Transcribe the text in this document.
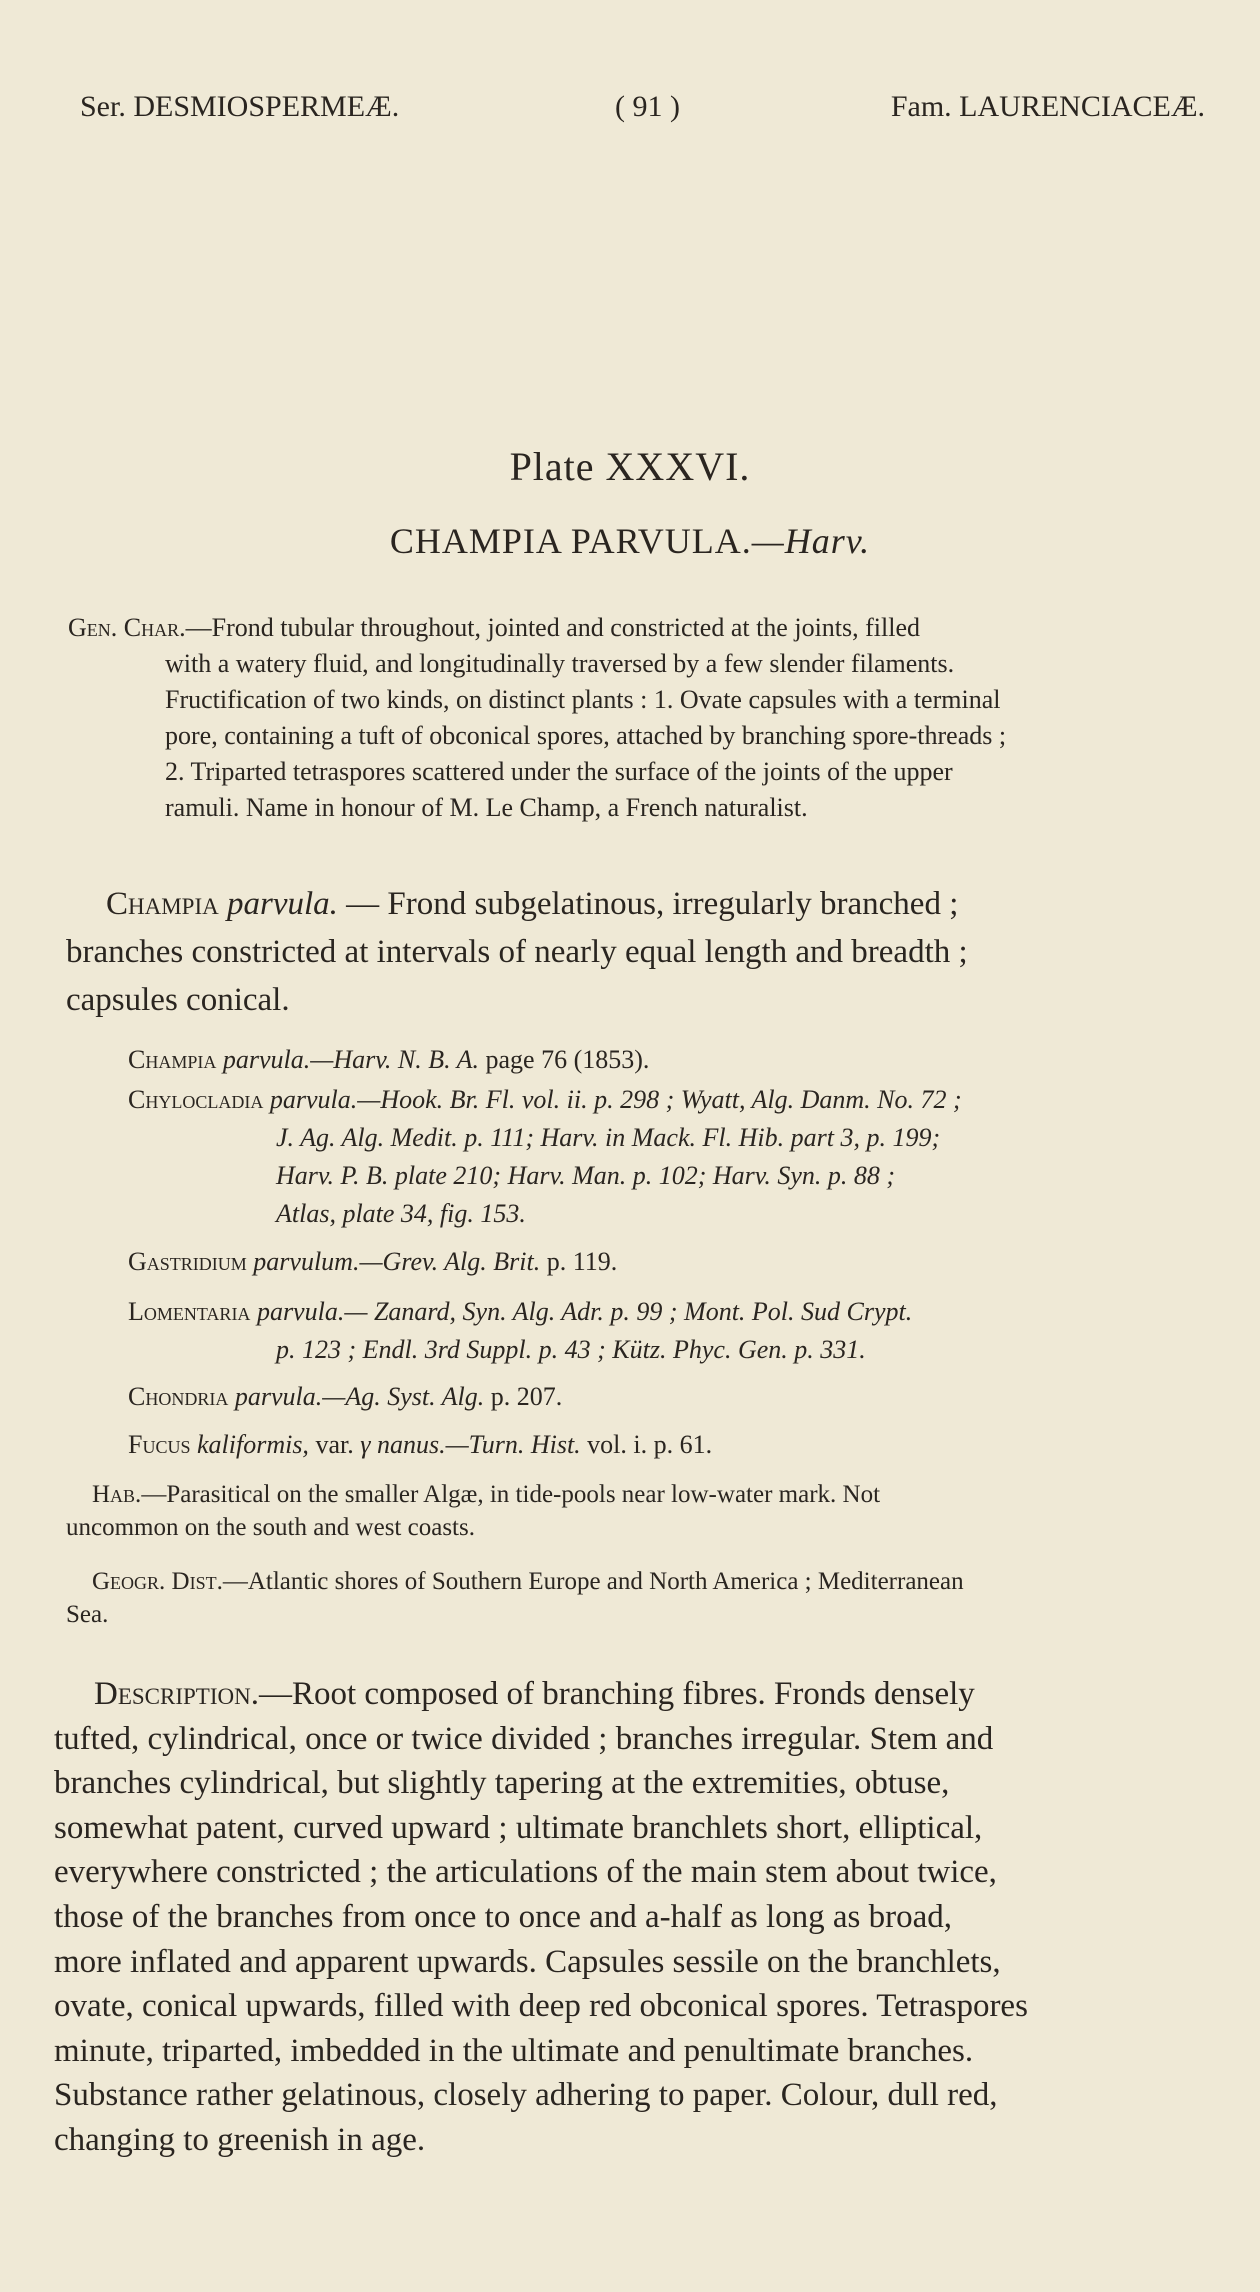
Ser. DESMIOSPERMEÆ.	( 91 )	Fam. LAURENCIACEÆ.
Plate XXXVI.
CHAMPIA PARVULA.—Harv.
Gen. Char.—Frond tubular throughout, jointed and constricted at the joints, filled
with a watery fluid, and longitudinally traversed by a few slender filaments.
Fructification of two kinds, on distinct plants : 1. Ovate capsules with a terminal
pore, containing a tuft of obconical spores, attached by branching spore-threads ;
2. Triparted tetraspores scattered under the surface of the joints of the upper
ramuli. Name in honour of M. Le Champ, a French naturalist.
Champia parvula. — Frond subgelatinous, irregularly branched ;
branches constricted at intervals of nearly equal length and breadth ;
capsules conical.
Champia parvula.—Harv. N. B. A. page 76 (1853).
Chylocladia parvula.—Hook. Br. Fl. vol. ii. p. 298 ; Wyatt, Alg. Danm. No. 72 ;
J. Ag. Alg. Medit. p. 111; Harv. in Mack. Fl. Hib. part 3, p. 199;
Harv. P. B. plate 210; Harv. Man. p. 102; Harv. Syn. p. 88 ;
Atlas, plate 34, fig. 153.
Gastridium parvulum.—Grev. Alg. Brit. p. 119.
Lomentaria parvula.— Zanard, Syn. Alg. Adr. p. 99 ; Mont. Pol. Sud Crypt.
p. 123 ; Endl. 3rd Suppl. p. 43 ; Kütz. Phyc. Gen. p. 331.
Chondria parvula.—Ag. Syst. Alg. p. 207.
Fucus kaliformis, var. γ nanus.—Turn. Hist. vol. i. p. 61.
Hab.—Parasitical on the smaller Algæ, in tide-pools near low-water mark. Not
uncommon on the south and west coasts.
Geogr. Dist.—Atlantic shores of Southern Europe and North America ; Mediterranean
Sea.
Description.—Root composed of branching fibres. Fronds densely
tufted, cylindrical, once or twice divided ; branches irregular. Stem and
branches cylindrical, but slightly tapering at the extremities, obtuse,
somewhat patent, curved upward ; ultimate branchlets short, elliptical,
everywhere constricted ; the articulations of the main stem about twice,
those of the branches from once to once and a-half as long as broad,
more inflated and apparent upwards. Capsules sessile on the branchlets,
ovate, conical upwards, filled with deep red obconical spores. Tetraspores
minute, triparted, imbedded in the ultimate and penultimate branches.
Substance rather gelatinous, closely adhering to paper. Colour, dull red,
changing to greenish in age.
